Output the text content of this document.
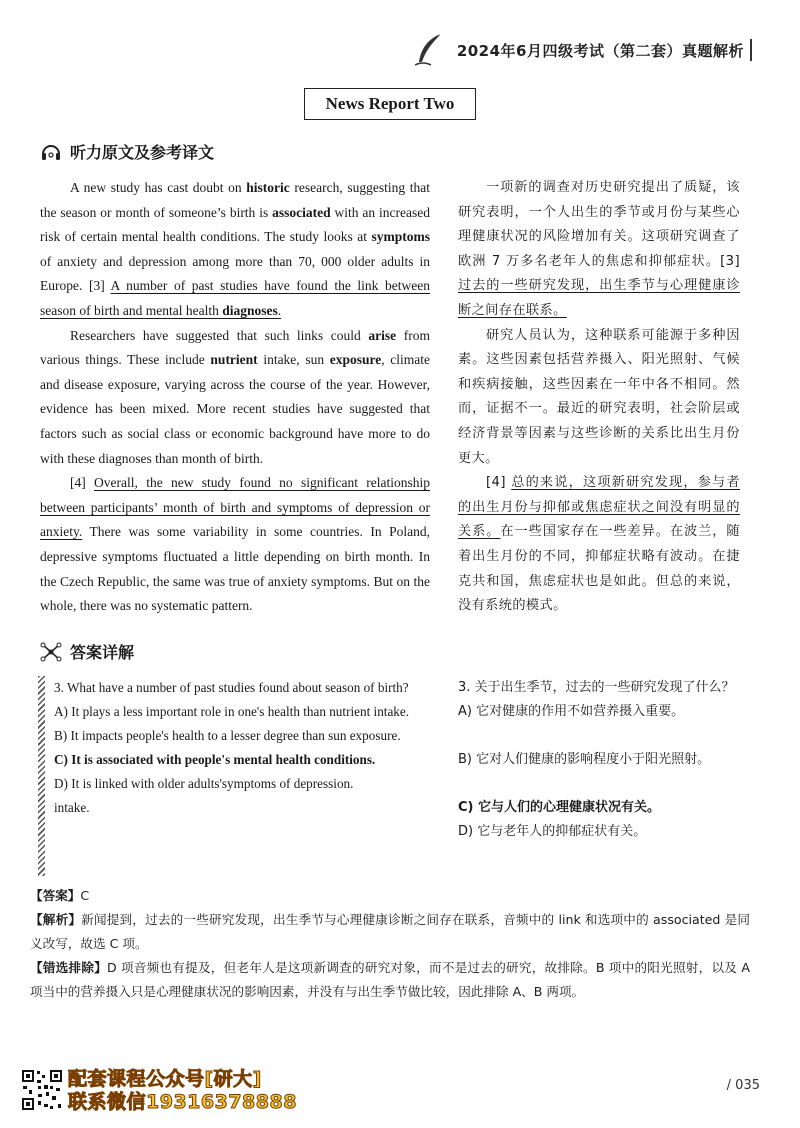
2024年6月四级考试（第二套）真题解析
News Report Two
听力原文及参考译文

A new study has cast doubt on historic research, suggesting that the season or month of someone’s birth is associated with an increased risk of certain mental health conditions. The study looks at symptoms of anxiety and depression among more than 70, 000 older adults in Europe. [3] A number of past studies have found the link between season of birth and mental health diagnoses.

Researchers have suggested that such links could arise from various things. These include nutrient intake, sun exposure, climate and disease exposure, varying across the course of the year. However, evidence has been mixed. More recent studies have suggested that factors such as social class or economic background have more to do with these diagnoses than month of birth.

[4] Overall, the new study found no significant relationship between participants’ month of birth and symptoms of depression or anxiety. There was some variability in some countries. In Poland, depressive symptoms fluctuated a little depending on birth month. In the Czech Republic, the same was true of anxiety symptoms. But on the whole, there was no systematic pattern.

一项新的调查对历史研究提出了质疑，该研究表明，一个人出生的季节或月份与某些心理健康状况的风险增加有关。这项研究调查了欧洲 7 万多名老年人的焦虑和抑郁症状。[3] 过去的一些研究发现，出生季节与心理健康诊断之间存在联系。

研究人员认为，这种联系可能源于多种因素。这些因素包括营养摄入、阳光照射、气候和疾病接触，这些因素在一年中各不相同。然而，证据不一。最近的研究表明，社会阶层或经济背景等因素与这些诊断的关系比出生月份更大。

[4] 总的来说，这项新研究发现，参与者的出生月份与抑郁或焦虑症状之间没有明显的关系。在一些国家存在一些差异。在波兰，随着出生月份的不同，抑郁症状略有波动。在捷克共和国，焦虑症状也是如此。但总的来说，没有系统的模式。

答案详解
3. What have a number of past studies found about season of birth?
A) It plays a less important role in one's health than nutrient intake.
B) It impacts people's health to a lesser degree than sun exposure.
C) It is associated with people's mental health conditions.
D) It is linked with older adults'symptoms of depression.
intake.
3. 关于出生季节，过去的一些研究发现了什么？
A) 它对健康的作用不如营养摄入重要。
B) 它对人们健康的影响程度小于阳光照射。
C) 它与人们的心理健康状况有关。
D) 它与老年人的抑郁症状有关。

【答案】C

【解析】新闻提到，过去的一些研究发现，出生季节与心理健康诊断之间存在联系，音频中的 link 和选项中的 associated 是同义改写，故选 C 项。

【错选排除】D 项音频也有提及，但老年人是这项新调查的研究对象，而不是过去的研究，故排除。B 项中的阳光照射，以及 A 项当中的营养摄入只是心理健康状况的影响因素，并没有与出生季节做比较，因此排除 A、B 两项。

配套课程公众号[研大]
联系微信19316378888
/ 035
